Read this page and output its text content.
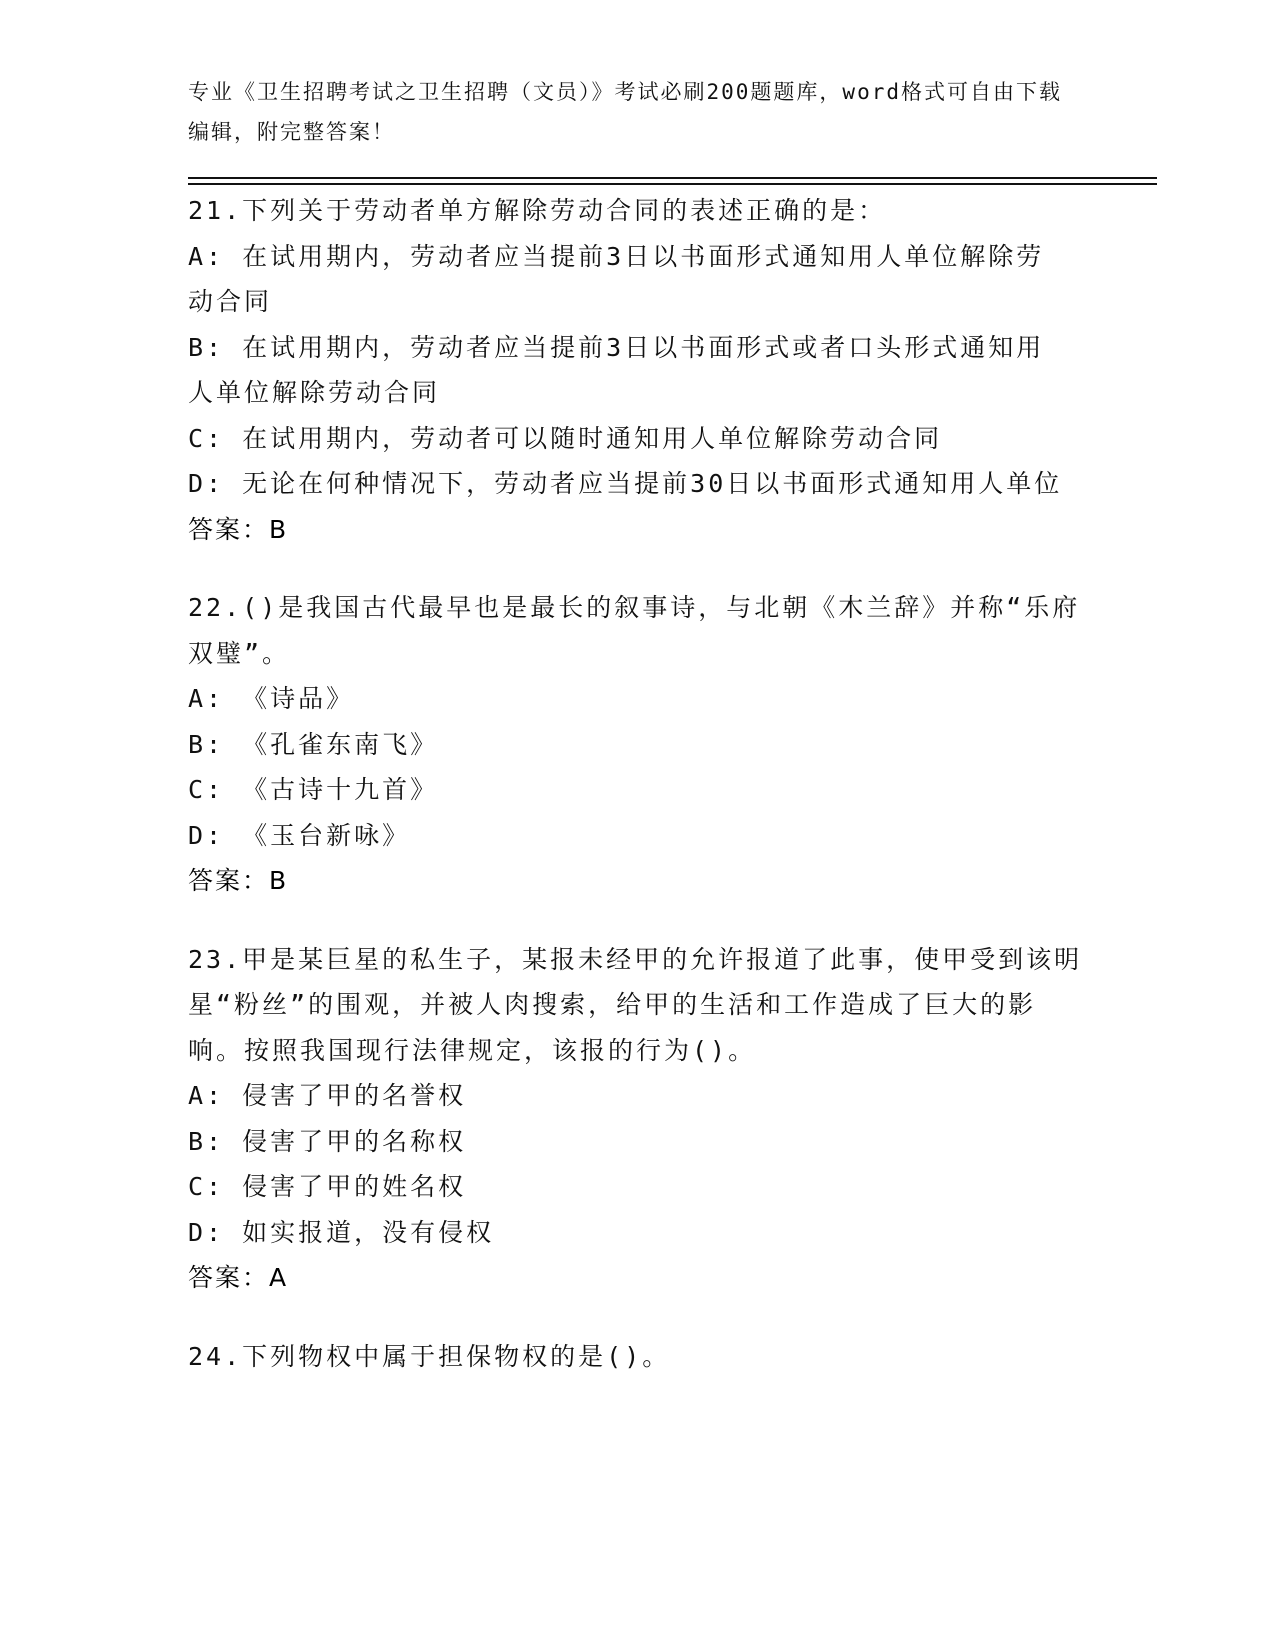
专业《卫生招聘考试之卫生招聘（文员）》考试必刷200题题库，word格式可自由下载编辑，附完整答案！
21.下列关于劳动者单方解除劳动合同的表述正确的是：
A: 在试用期内，劳动者应当提前3日以书面形式通知用人单位解除劳动合同
B: 在试用期内，劳动者应当提前3日以书面形式或者口头形式通知用人单位解除劳动合同
C: 在试用期内，劳动者可以随时通知用人单位解除劳动合同
D: 无论在何种情况下，劳动者应当提前30日以书面形式通知用人单位
答案：B
22.()是我国古代最早也是最长的叙事诗，与北朝《木兰辞》并称“乐府双璧”。
A: 《诗品》
B: 《孔雀东南飞》
C: 《古诗十九首》
D: 《玉台新咏》
答案：B
23.甲是某巨星的私生子，某报未经甲的允许报道了此事，使甲受到该明星“粉丝”的围观，并被人肉搜索，给甲的生活和工作造成了巨大的影响。按照我国现行法律规定，该报的行为()。
A: 侵害了甲的名誉权
B: 侵害了甲的名称权
C: 侵害了甲的姓名权
D: 如实报道，没有侵权
答案：A
24.下列物权中属于担保物权的是()。
